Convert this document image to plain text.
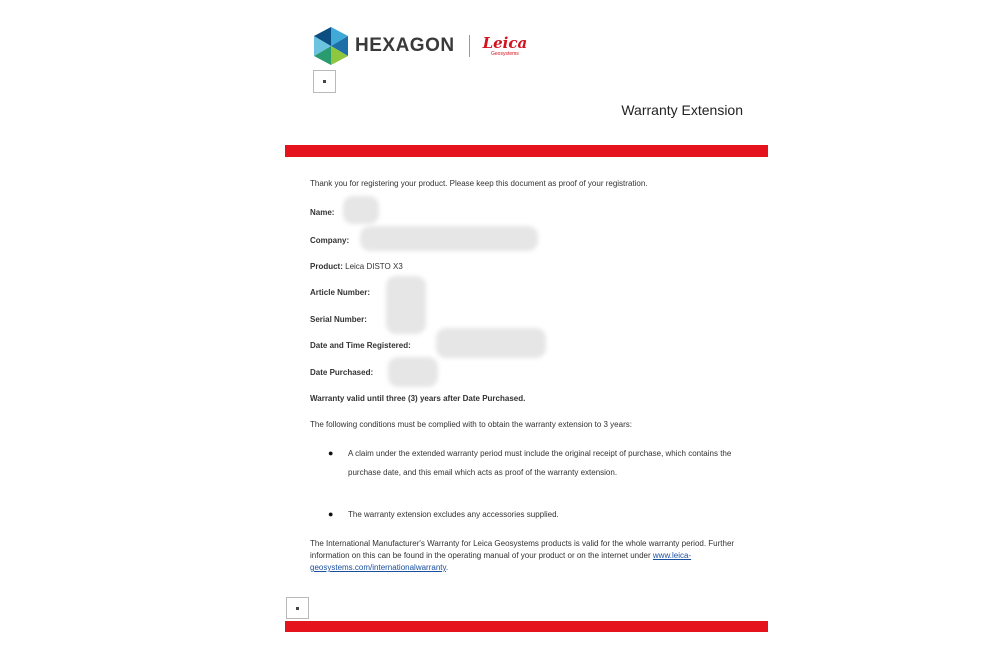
HEXAGON Leica
Geosystems
Warranty Extension
Thank you for registering your product. Please keep this document as proof of your registration.
Name:
Company:
Product: Leica DISTO X3
Article Number:
Serial Number:
Date and Time Registered:
Date Purchased:
Warranty valid until three (3) years after Date Purchased.
The following conditions must be complied with to obtain the warranty extension to 3 years:
●	A claim under the extended warranty period must include the original receipt of purchase, which contains the purchase date, and this email which acts as proof of the warranty extension.
●	The warranty extension excludes any accessories supplied.
The International Manufacturer's Warranty for Leica Geosystems products is valid for the whole warranty period. Further information on this can be found in the operating manual of your product or on the internet under www.leica-geosystems.com/internationalwarranty.
